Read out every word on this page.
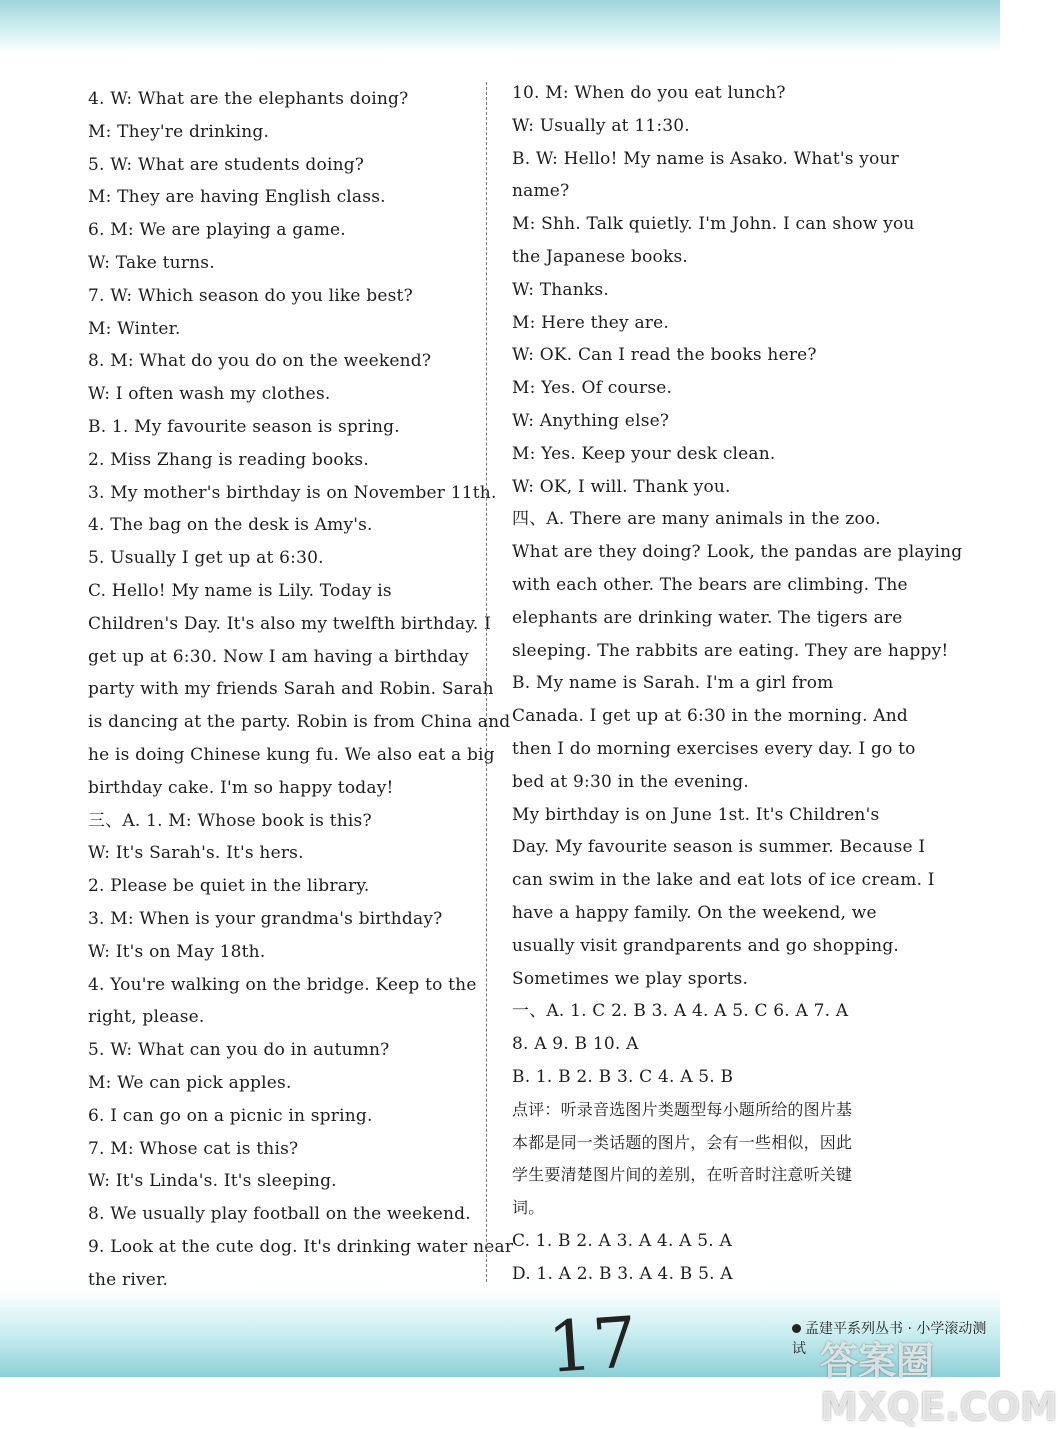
4. W: What are the elephants doing?
M: They're drinking.
5. W: What are students doing?
M: They are having English class.
6. M: We are playing a game.
W: Take turns.
7. W: Which season do you like best?
M: Winter.
8. M: What do you do on the weekend?
W: I often wash my clothes.
B. 1. My favourite season is spring.
2. Miss Zhang is reading books.
3. My mother's birthday is on November 11th.
4. The bag on the desk is Amy's.
5. Usually I get up at 6:30.
C. Hello! My name is Lily. Today is
Children's Day. It's also my twelfth birthday. I
get up at 6:30. Now I am having a birthday
party with my friends Sarah and Robin. Sarah
is dancing at the party. Robin is from China and
he is doing Chinese kung fu. We also eat a big
birthday cake. I'm so happy today!
三、A. 1. M: Whose book is this?
W: It's Sarah's. It's hers.
2. Please be quiet in the library.
3. M: When is your grandma's birthday?
W: It's on May 18th.
4. You're walking on the bridge. Keep to the
right, please.
5. W: What can you do in autumn?
M: We can pick apples.
6. I can go on a picnic in spring.
7. M: Whose cat is this?
W: It's Linda's. It's sleeping.
8. We usually play football on the weekend.
9. Look at the cute dog. It's drinking water near
the river.
10. M: When do you eat lunch?
W: Usually at 11:30.
B. W: Hello! My name is Asako. What's your
name?
M: Shh. Talk quietly. I'm John. I can show you
the Japanese books.
W: Thanks.
M: Here they are.
W: OK. Can I read the books here?
M: Yes. Of course.
W: Anything else?
M: Yes. Keep your desk clean.
W: OK, I will. Thank you.
四、A. There are many animals in the zoo.
What are they doing? Look, the pandas are playing
with each other. The bears are climbing. The
elephants are drinking water. The tigers are
sleeping. The rabbits are eating. They are happy!
B. My name is Sarah. I'm a girl from
Canada. I get up at 6:30 in the morning. And
then I do morning exercises every day. I go to
bed at 9:30 in the evening.
My birthday is on June 1st. It's Children's
Day. My favourite season is summer. Because I
can swim in the lake and eat lots of ice cream. I
have a happy family. On the weekend, we
usually visit grandparents and go shopping.
Sometimes we play sports.
一、A. 1. C 2. B 3. A 4. A 5. C 6. A 7. A
8. A 9. B 10. A
B. 1. B 2. B 3. C 4. A 5. B
点评：听录音选图片类题型每小题所给的图片基
本都是同一类话题的图片，会有一些相似，因此
学生要清楚图片间的差别，在听音时注意听关键
词。
C. 1. B 2. A 3. A 4. A 5. A
D. 1. A 2. B 3. A 4. B 5. A
17	孟建平系列丛书 · 小学滚动测试 答案圈 MXQE.COM
